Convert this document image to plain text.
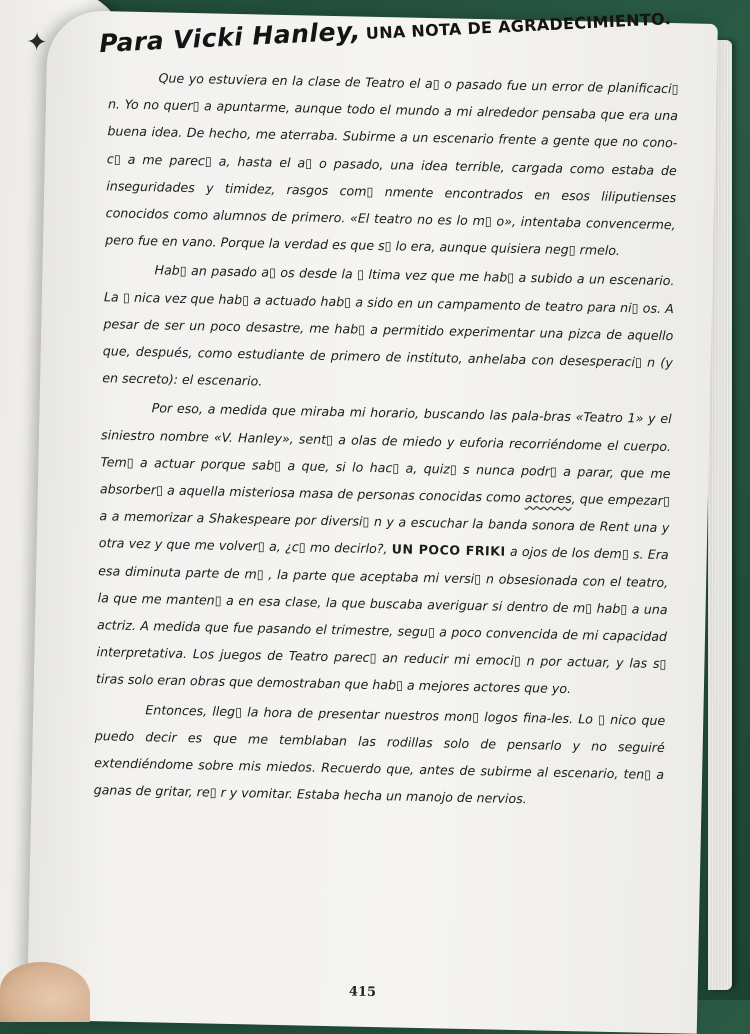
✦ Para Vicki Hanley, UNA NOTA DE AGRADECIMIENTO.

Que yo estuviera en la clase de Teatro el a▯ o pasado fue un error de planificaci▯ n. Yo no quer▯ a apuntarme, aunque todo el mundo a mi alrededor pensaba que era una buena idea. De hecho, me aterraba. Subirme a un escenario frente a gente que no cono-c▯ a me parec▯ a, hasta el a▯ o pasado, una idea terrible, cargada como estaba de inseguridades y timidez, rasgos com▯ nmente encontrados en esos liliputienses conocidos como alumnos de primero. «El teatro no es lo m▯ o», intentaba convencerme, pero fue en vano. Porque la verdad es que s▯ lo era, aunque quisiera neg▯ rmelo.

Hab▯ an pasado a▯ os desde la ▯ ltima vez que me hab▯ a subido a un escenario. La ▯ nica vez que hab▯ a actuado hab▯ a sido en un campamento de teatro para ni▯ os. A pesar de ser un poco desastre, me hab▯ a permitido experimentar una pizca de aquello que, después, como estudiante de primero de instituto, anhelaba con desesperaci▯ n (y en secreto): el escenario.

Por eso, a medida que miraba mi horario, buscando las pala-bras «Teatro 1» y el siniestro nombre «V. Hanley», sent▯ a olas de miedo y euforia recorriéndome el cuerpo. Tem▯ a actuar porque sab▯ a que, si lo hac▯ a, quiz▯ s nunca podr▯ a parar, que me absorber▯ a aquella misteriosa masa de personas conocidas como actores, que empezar▯ a a memorizar a Shakespeare por diversi▯ n y a escuchar la banda sonora de Rent una y otra vez y que me volver▯ a, ¿c▯ mo decirlo?, UN POCO FRIKI a ojos de los dem▯ s. Era esa diminuta parte de m▯ , la parte que aceptaba mi versi▯ n obsesionada con el teatro, la que me manten▯ a en esa clase, la que buscaba averiguar si dentro de m▯ hab▯ a una actriz. A medida que fue pasando el trimestre, segu▯ a poco convencida de mi capacidad interpretativa. Los juegos de Teatro parec▯ an reducir mi emoci▯ n por actuar, y las s▯ tiras solo eran obras que demostraban que hab▯ a mejores actores que yo.

Entonces, lleg▯ la hora de presentar nuestros mon▯ logos fina-les. Lo ▯ nico que puedo decir es que me temblaban las rodillas solo de pensarlo y no seguiré extendiéndome sobre mis miedos. Recuerdo que, antes de subirme al escenario, ten▯ a ganas de gritar, re▯ r y vomitar. Estaba hecha un manojo de nervios.

415
